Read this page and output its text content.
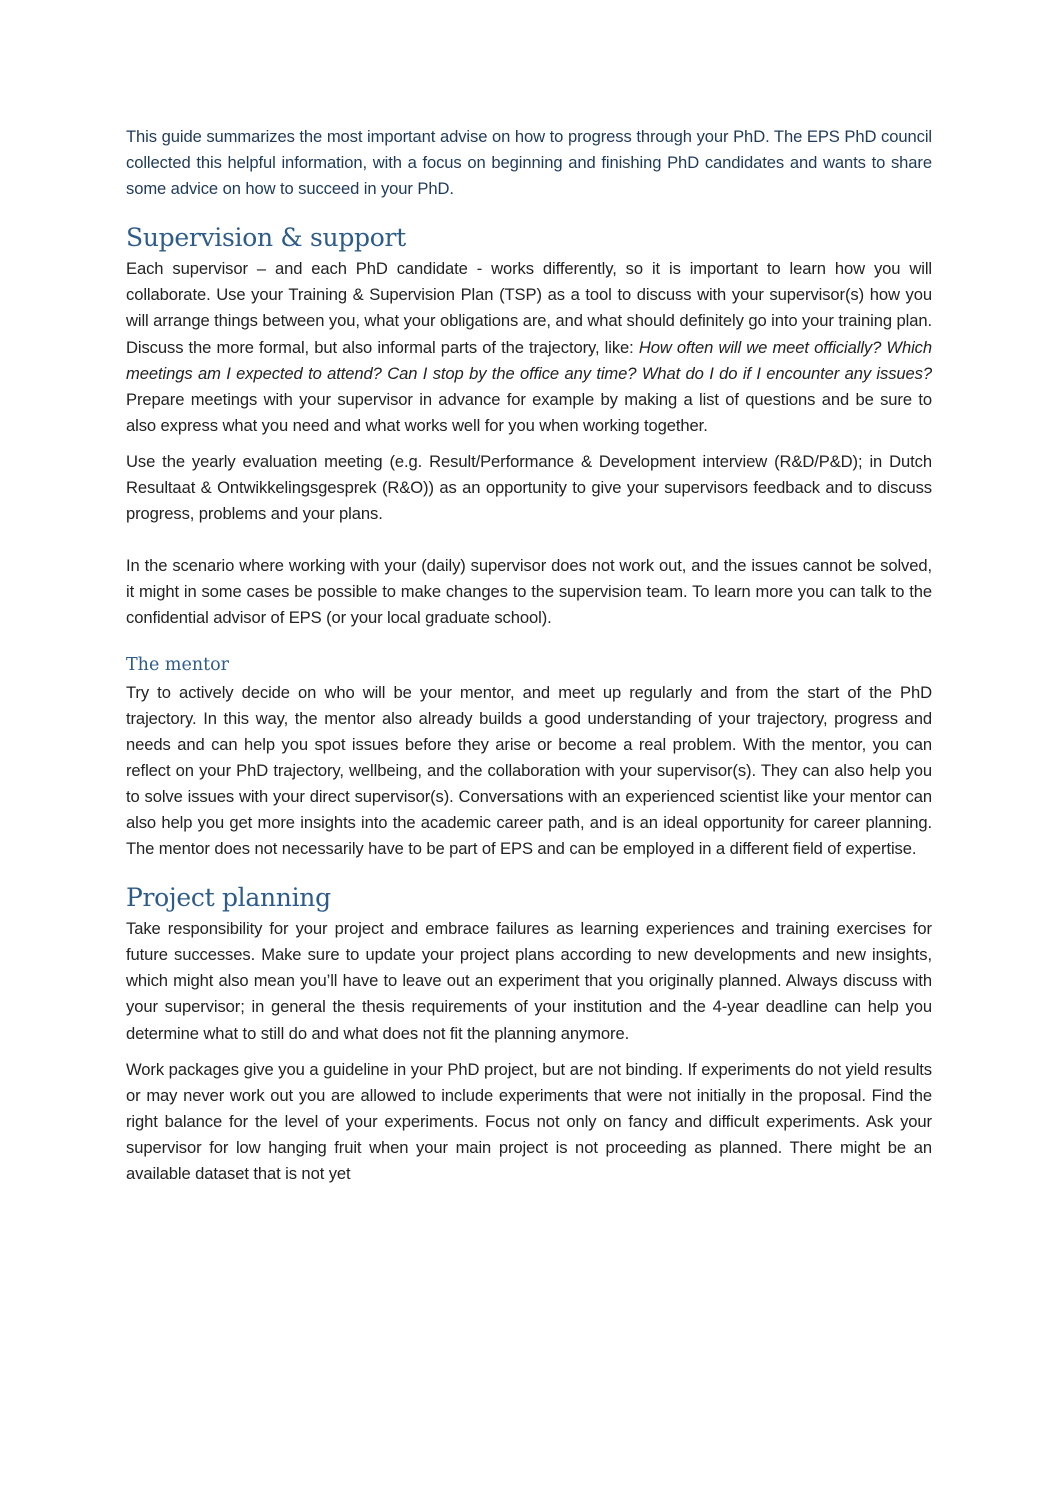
This guide summarizes the most important advise on how to progress through your PhD. The EPS PhD council collected this helpful information, with a focus on beginning and finishing PhD candidates and wants to share some advice on how to succeed in your PhD.

Supervision & support

Each supervisor – and each PhD candidate - works differently, so it is important to learn how you will collaborate. Use your Training & Supervision Plan (TSP) as a tool to discuss with your supervisor(s) how you will arrange things between you, what your obligations are, and what should definitely go into your training plan. Discuss the more formal, but also informal parts of the trajectory, like: How often will we meet officially? Which meetings am I expected to attend? Can I stop by the office any time? What do I do if I encounter any issues? Prepare meetings with your supervisor in advance for example by making a list of questions and be sure to also express what you need and what works well for you when working together.

Use the yearly evaluation meeting (e.g. Result/Performance & Development interview (R&D/P&D); in Dutch Resultaat & Ontwikkelingsgesprek (R&O)) as an opportunity to give your supervisors feedback and to discuss progress, problems and your plans.

In the scenario where working with your (daily) supervisor does not work out, and the issues cannot be solved, it might in some cases be possible to make changes to the supervision team. To learn more you can talk to the confidential advisor of EPS (or your local graduate school).

The mentor

Try to actively decide on who will be your mentor, and meet up regularly and from the start of the PhD trajectory. In this way, the mentor also already builds a good understanding of your trajectory, progress and needs and can help you spot issues before they arise or become a real problem. With the mentor, you can reflect on your PhD trajectory, wellbeing, and the collaboration with your supervisor(s). They can also help you to solve issues with your direct supervisor(s). Conversations with an experienced scientist like your mentor can also help you get more insights into the academic career path, and is an ideal opportunity for career planning. The mentor does not necessarily have to be part of EPS and can be employed in a different field of expertise.

Project planning

Take responsibility for your project and embrace failures as learning experiences and training exercises for future successes. Make sure to update your project plans according to new developments and new insights, which might also mean you’ll have to leave out an experiment that you originally planned. Always discuss with your supervisor; in general the thesis requirements of your institution and the 4-year deadline can help you determine what to still do and what does not fit the planning anymore.

Work packages give you a guideline in your PhD project, but are not binding. If experiments do not yield results or may never work out you are allowed to include experiments that were not initially in the proposal. Find the right balance for the level of your experiments. Focus not only on fancy and difficult experiments. Ask your supervisor for low hanging fruit when your main project is not proceeding as planned. There might be an available dataset that is not yet
